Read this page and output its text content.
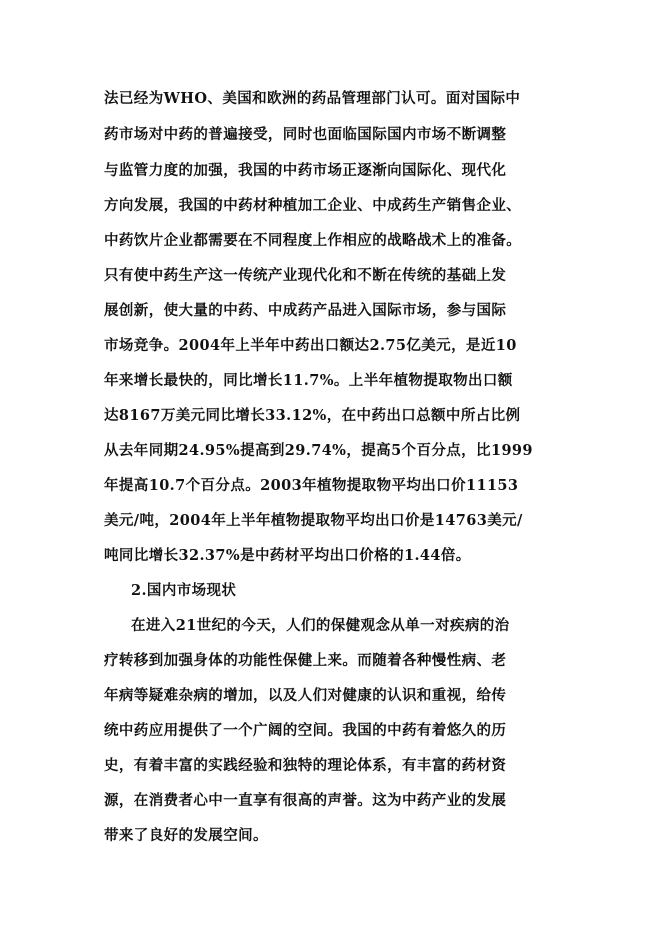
法已经为WHO、美国和欧洲的药品管理部门认可。面对国际中
药市场对中药的普遍接受，同时也面临国际国内市场不断调整
与监管力度的加强，我国的中药市场正逐渐向国际化、现代化
方向发展，我国的中药材种植加工企业、中成药生产销售企业、
中药饮片企业都需要在不同程度上作相应的战略战术上的准备。
只有使中药生产这一传统产业现代化和不断在传统的基础上发
展创新，使大量的中药、中成药产品进入国际市场，参与国际
市场竞争。2004年上半年中药出口额达2.75亿美元，是近10
年来增长最快的，同比增长11.7%。上半年植物提取物出口额
达8167万美元同比增长33.12%，在中药出口总额中所占比例
从去年同期24.95%提高到29.74%，提高5个百分点，比1999
年提高10.7个百分点。2003年植物提取物平均出口价11153
美元/吨，2004年上半年植物提取物平均出口价是14763美元/
吨同比增长32.37%是中药材平均出口价格的1.44倍。
2.国内市场现状
在进入21世纪的今天，人们的保健观念从单一对疾病的治
疗转移到加强身体的功能性保健上来。而随着各种慢性病、老
年病等疑难杂病的增加，以及人们对健康的认识和重视，给传
统中药应用提供了一个广阔的空间。我国的中药有着悠久的历
史，有着丰富的实践经验和独特的理论体系，有丰富的药材资
源，在消费者心中一直享有很高的声誉。这为中药产业的发展
带来了良好的发展空间。
